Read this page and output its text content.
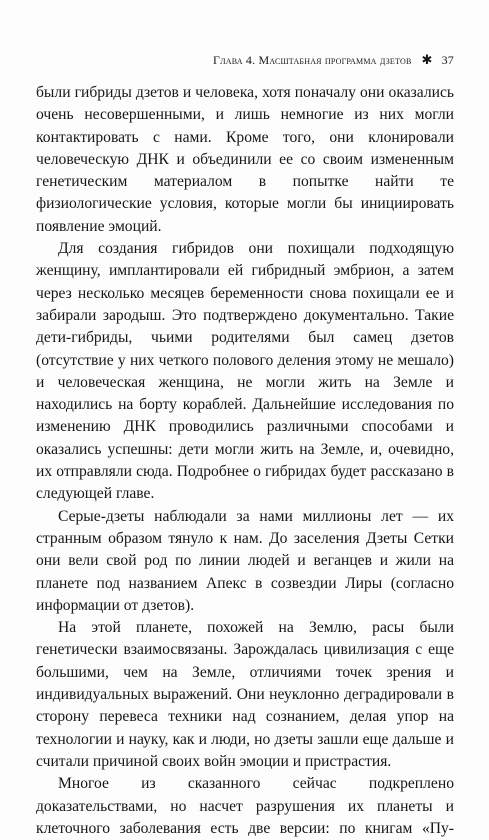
Глава 4. Масштабная программа дзетов ✱ 37

были гибриды дзетов и человека, хотя поначалу они оказались очень несовершенными, и лишь немногие из них могли контактировать с нами. Кроме того, они клонировали человеческую ДНК и объединили ее со своим измененным генетическим материалом в попытке найти те физиологические условия, которые могли бы инициировать появление эмоций.

Для создания гибридов они похищали подходящую женщину, имплантировали ей гибридный эмбрион, а затем через несколько месяцев беременности снова похищали ее и забирали зародыш. Это подтверждено документально. Такие дети-гибриды, чьими родителями был самец дзетов (отсутствие у них четкого полового деления этому не мешало) и человеческая женщина, не могли жить на Земле и находились на борту кораблей. Дальнейшие исследования по изменению ДНК проводились различными способами и оказались успешны: дети могли жить на Земле, и, очевидно, их отправляли сюда. Подробнее о гибридах будет рассказано в следующей главе.

Серые-дзеты наблюдали за нами миллионы лет — их странным образом тянуло к нам. До заселения Дзеты Сетки они вели свой род по линии людей и веганцев и жили на планете под названием Апекс в созвездии Лиры (согласно информации от дзетов).

На этой планете, похожей на Землю, расы были генетически взаимосвязаны. Зарождалась цивилизация с еще большими, чем на Земле, отличиями точек зрения и индивидуальных выражений. Они неуклонно деградировали в сторону перевеса техники над сознанием, делая упор на технологии и науку, как и люди, но дзеты зашли еще дальше и считали причиной своих войн эмоции и пристрастия.

Многое из сказанного сейчас подкреплено доказательствами, но насчет разрушения их планеты и клеточного заболевания есть две версии: по книгам «Пу-
